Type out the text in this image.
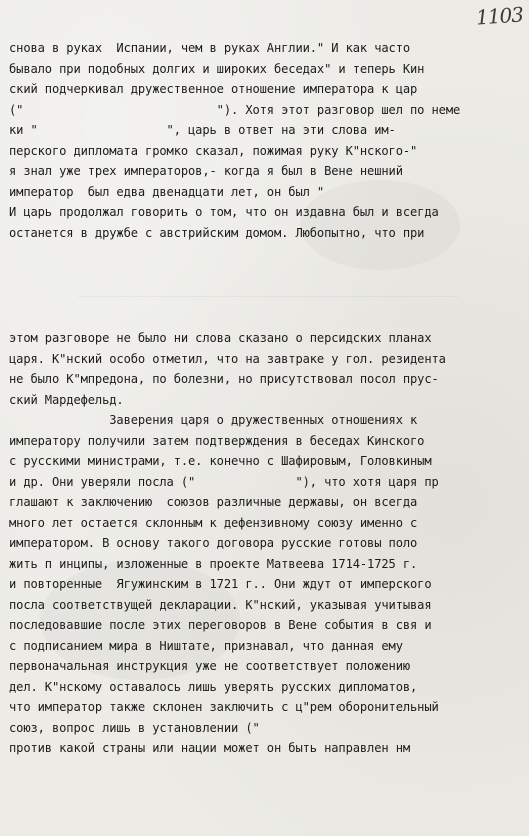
1103
снова в руках  Испании, чем в руках Англии." И как часто
бывало при подобных долгих и широких беседах" и теперь Кин
ский подчеркивал дружественное отношение императора к цар
("                           "). Хотя этот разговор шел по неме
ки "                  ", царь в ответ на эти слова им-
перского дипломата громко сказал, пожимая руку К"нского-"
я знал уже трех императоров,- когда я был в Вене нешний
император  был едва двенадцати лет, он был "
И царь продолжал говорить о том, что он издавна был и всегда
останется в дружбе с австрийским домом. Любопытно, что при
этом разговоре не было ни слова сказано о персидских планах
царя. К"нский особо отметил, что на завтраке у гол. резидента
не было К"мпредона, по болезни, но присутствовал посол прус-
ский Мардефельд.
Заверения царя о дружественных отношениях к
императору получили затем подтверждения в беседах Кинского
с русскими министрами, т.е. конечно с Шафировым, Головкиным
и др. Они уверяли посла ("              "), что хотя царя пр
глашают к заключению  союзов различные державы, он всегда
много лет остается склонным к дефензивному союзу именно с
императором. В основу такого договора русские готовы поло
жить п инципы, изложенные в проекте Матвеева 1714-1725 г.
и повторенные  Ягужинским в 1721 г.. Они ждут от имперского
посла соответствущей декларации. К"нский, указывая учитывая
последовавшие после этих переговоров в Вене события в свя и
с подписанием мира в Ништате, признавал, что данная ему
первоначальная инструкция уже не соответствует положению
дел. К"нскому оставалось лишь уверять русских дипломатов,
что император также склонен заключить с ц"рем оборонительный
союз, вопрос лишь в установлении ("
против какой страны или нации может он быть направлен нм
